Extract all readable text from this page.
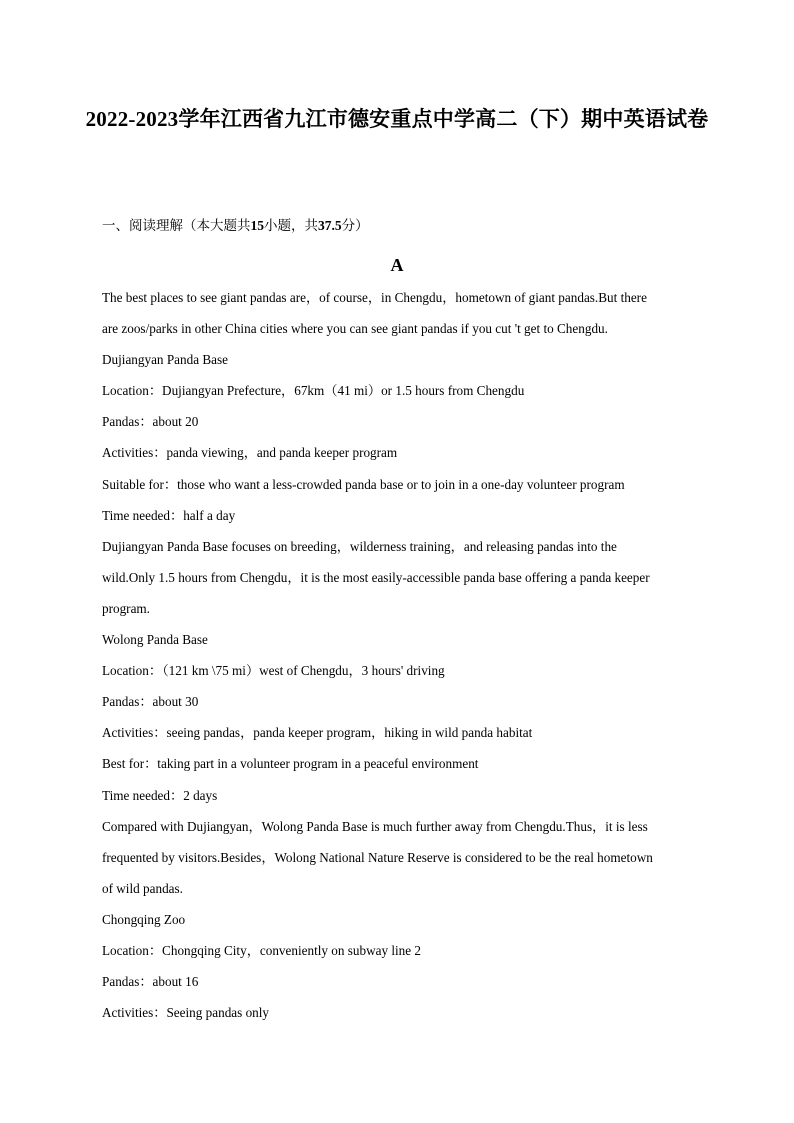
2022-2023学年江西省九江市德安重点中学高二（下）期中英语试卷
一、阅读理解（本大题共15小题，共37.5分）
A
The best places to see giant pandas are，of course，in Chengdu，hometown of giant pandas.But there
are zoos/parks in other China cities where you can see giant pandas if you cut 't get to Chengdu.
Dujiangyan Panda Base
Location：Dujiangyan Prefecture，67km（41 mi）or 1.5 hours from Chengdu
Pandas：about 20
Activities：panda viewing，and panda keeper program
Suitable for：those who want a less-crowded panda base or to join in a one-day volunteer program
Time needed：half a day
Dujiangyan Panda Base focuses on breeding，wilderness training，and releasing pandas into the
wild.Only 1.5 hours from Chengdu，it is the most easily-accessible panda base offering a panda keeper
program.
Wolong Panda Base
Location：（121 km \75 mi）west of Chengdu，3 hours' driving
Pandas：about 30
Activities：seeing pandas，panda keeper program，hiking in wild panda habitat
Best for：taking part in a volunteer program in a peaceful environment
Time needed：2 days
Compared with Dujiangyan，Wolong Panda Base is much further away from Chengdu.Thus，it is less
frequented by visitors.Besides，Wolong National Nature Reserve is considered to be the real hometown
of wild pandas.
Chongqing Zoo
Location：Chongqing City，conveniently on subway line 2
Pandas：about 16
Activities：Seeing pandas only
